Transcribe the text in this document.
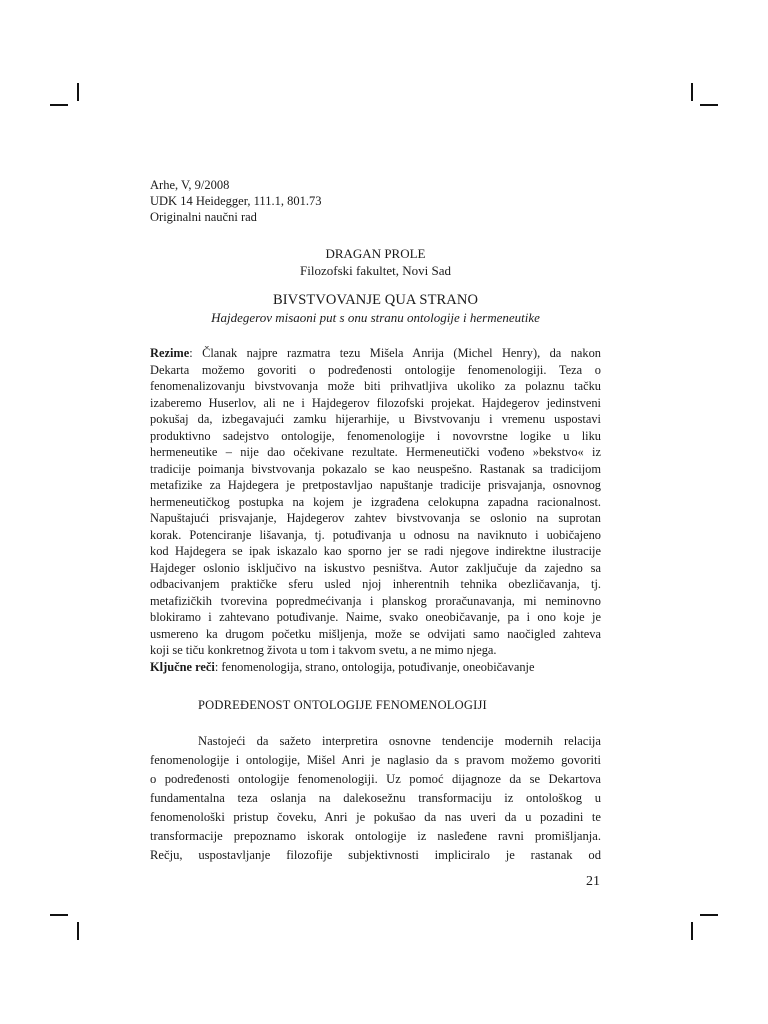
Arhe, V, 9/2008
UDK 14 Heidegger, 111.1, 801.73
Originalni naučni rad
DRAGAN PROLE
Filozofski fakultet, Novi Sad
BIVSTVOVANJE QUA STRANO
Hajdegerov misaoni put s onu stranu ontologije i hermeneutike
Rezime: Članak najpre razmatra tezu Mišela Anrija (Michel Henry), da nakon
Dekarta možemo govoriti o podređenosti ontologije fenomenologiji. Teza o
fenomenalizovanju bivstvovanja može biti prihvatljiva ukoliko za polaznu tačku
izaberemo Huserlov, ali ne i Hajdegerov filozofski projekat. Hajdegerov jedinstveni
pokušaj da, izbegavajući zamku hijerarhije, u Bivstvovanju i vremenu uspostavi
produktivno sadejstvo ontologije, fenomenologije i novovrstne logike u liku
hermeneutike – nije dao očekivane rezultate. Hermeneutički vođeno »bekstvo« iz
tradicije poimanja bivstvovanja pokazalo se kao neuspešno. Rastanak sa tradicijom
metafizike za Hajdegera je pretpostavljao napuštanje tradicije prisvajanja, osnovnog
hermeneutičkog postupka na kojem je izgrađena celokupna zapadna racionalnost.
Napuštajući prisvajanje, Hajdegerov zahtev bivstvovanja se oslonio na suprotan
korak. Potenciranje lišavanja, tj. potuđivanja u odnosu na naviknuto i uobičajeno
kod Hajdegera se ipak iskazalo kao sporno jer se radi njegove indirektne ilustracije
Hajdeger oslonio isključivo na iskustvo pesništva. Autor zaključuje da zajedno sa
odbacivanjem praktičke sferu usled njoj inherentnih tehnika obezličavanja, tj.
metafizičkih tvorevina popredmećivanja i planskog proračunavanja, mi neminovno
blokiramo i zahtevano potuđivanje. Naime, svako oneobičavanje, pa i ono koje je
usmereno ka drugom početku mišljenja, može se odvijati samo naočigled zahteva
koji se tiču konkretnog života u tom i takvom svetu, a ne mimo njega.
Ključne reči: fenomenologija, strano, ontologija, potuđivanje, oneobičavanje
PODREĐENOST ONTOLOGIJE FENOMENOLOGIJI
Nastojeći da sažeto interpretira osnovne tendencije modernih relacija
fenomenologije i ontologije, Mišel Anri je naglasio da s pravom možemo govoriti
o podređenosti ontologije fenomenologiji. Uz pomoć dijagnoze da se Dekartova
fundamentalna teza oslanja na dalekosežnu transformaciju iz ontološkog u
fenomenološki pristup čoveku, Anri je pokušao da nas uveri da u pozadini te
transformacije prepoznamo iskorak ontologije iz nasleđene ravni promišljanja.
Rečju, uspostavljanje filozofije subjektivnosti impliciralo je rastanak od
21
